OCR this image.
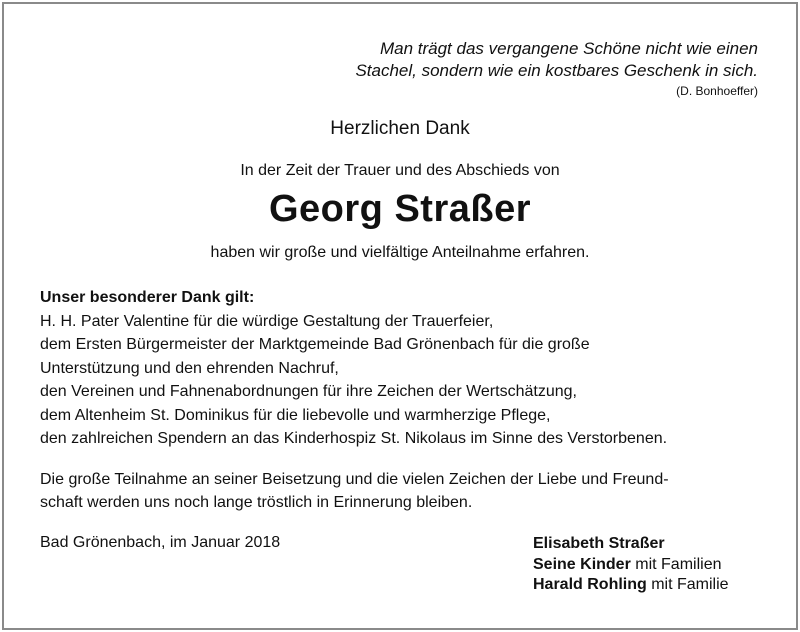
Man trägt das vergangene Schöne nicht wie einen
Stachel, sondern wie ein kostbares Geschenk in sich.
(D. Bonhoeffer)
Herzlichen Dank
In der Zeit der Trauer und des Abschieds von
Georg Straßer
haben wir große und vielfältige Anteilnahme erfahren.
Unser besonderer Dank gilt:
H. H. Pater Valentine für die würdige Gestaltung der Trauerfeier,
dem Ersten Bürgermeister der Marktgemeinde Bad Grönenbach für die große
Unterstützung und den ehrenden Nachruf,
den Vereinen und Fahnenabordnungen für ihre Zeichen der Wertschätzung,
dem Altenheim St. Dominikus für die liebevolle und warmherzige Pflege,
den zahlreichen Spendern an das Kinderhospiz St. Nikolaus im Sinne des Verstorbenen.
Die große Teilnahme an seiner Beisetzung und die vielen Zeichen der Liebe und Freund-
schaft werden uns noch lange tröstlich in Erinnerung bleiben.
Bad Grönenbach, im Januar 2018	Elisabeth Straßer
Seine Kinder mit Familien
Harald Rohling mit Familie
